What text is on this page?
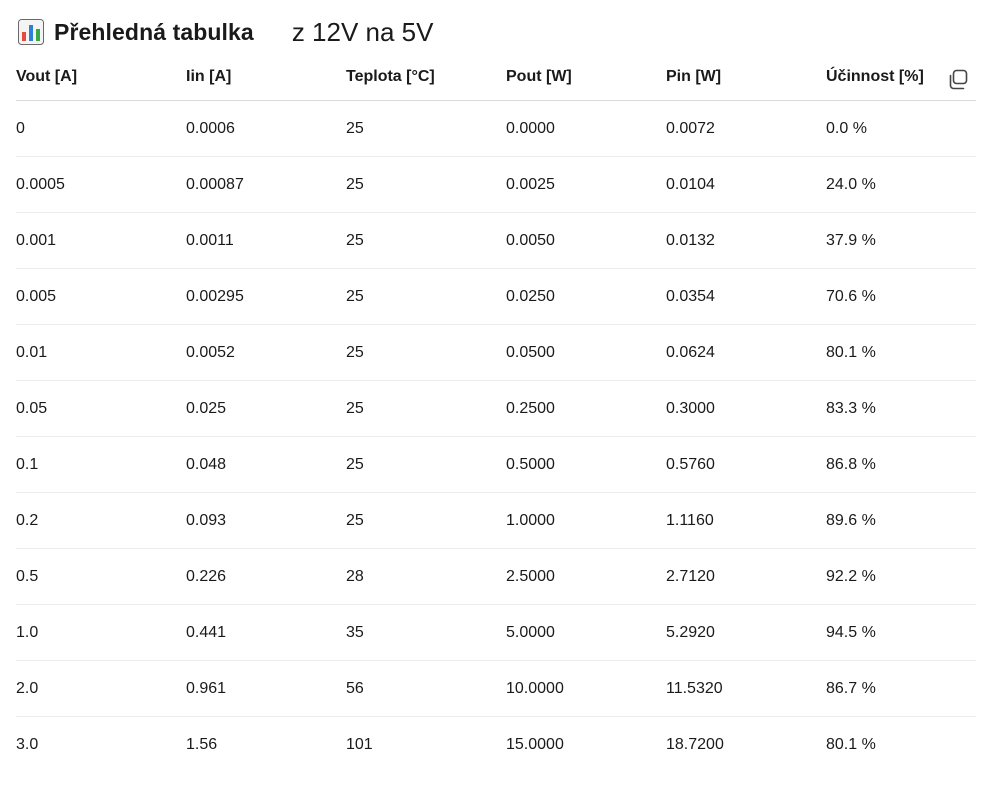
Přehledná tabulka z 12V na 5V
Vout [A]	Iin [A]	Teplota [°C]	Pout [W]	Pin [W]	Účinnost [%]
0	0.0006	25	0.0000	0.0072	0.0 %
0.0005	0.00087	25	0.0025	0.0104	24.0 %
0.001	0.0011	25	0.0050	0.0132	37.9 %
0.005	0.00295	25	0.0250	0.0354	70.6 %
0.01	0.0052	25	0.0500	0.0624	80.1 %
0.05	0.025	25	0.2500	0.3000	83.3 %
0.1	0.048	25	0.5000	0.5760	86.8 %
0.2	0.093	25	1.0000	1.1160	89.6 %
0.5	0.226	28	2.5000	2.7120	92.2 %
1.0	0.441	35	5.0000	5.2920	94.5 %
2.0	0.961	56	10.0000	11.5320	86.7 %
3.0	1.56	101	15.0000	18.7200	80.1 %
